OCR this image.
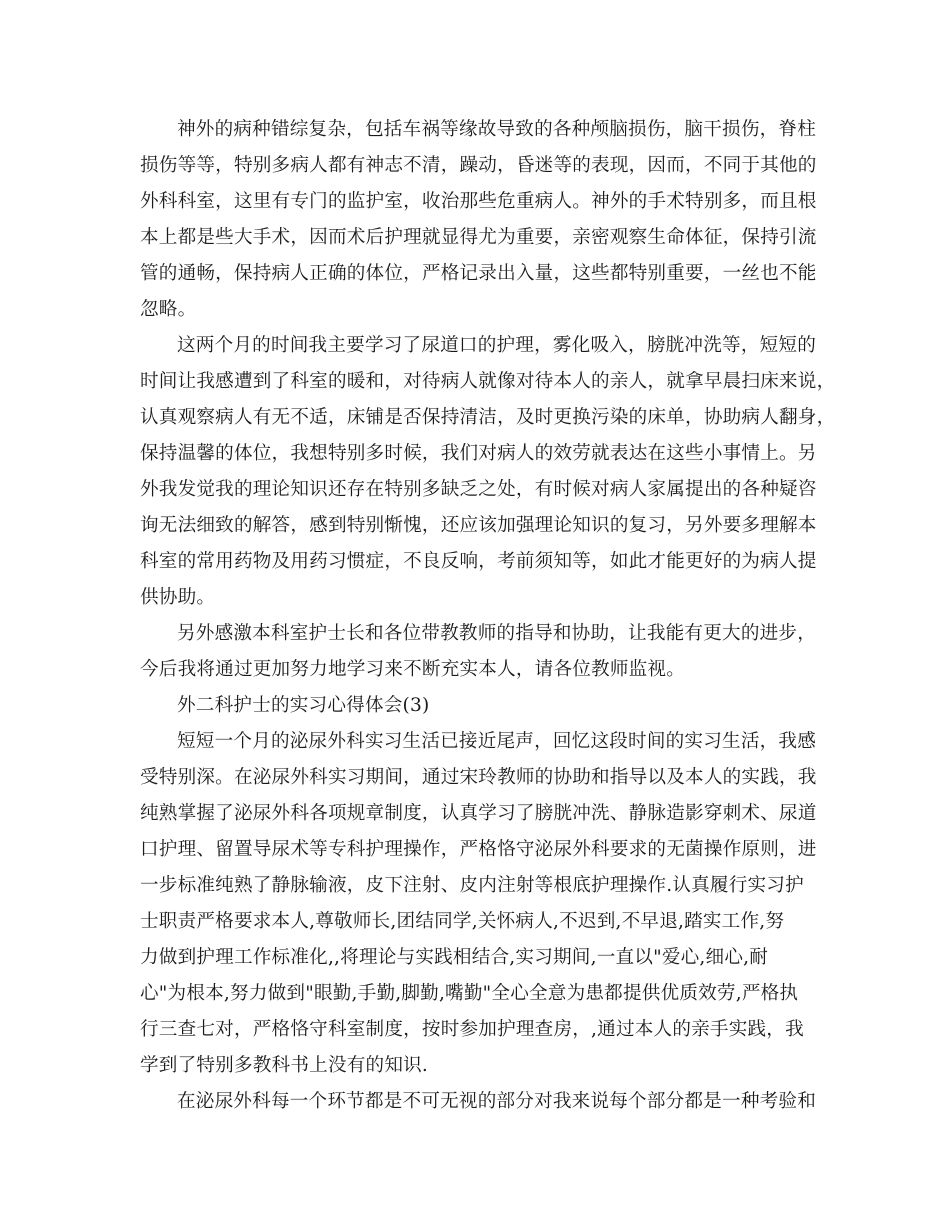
神外的病种错综复杂，包括车祸等缘故导致的各种颅脑损伤，脑干损伤，脊柱
损伤等等，特别多病人都有神志不清，躁动，昏迷等的表现，因而，不同于其他的
外科科室，这里有专门的监护室，收治那些危重病人。神外的手术特别多，而且根
本上都是些大手术，因而术后护理就显得尤为重要，亲密观察生命体征，保持引流
管的通畅，保持病人正确的体位，严格记录出入量，这些都特别重要，一丝也不能
忽略。
这两个月的时间我主要学习了尿道口的护理，雾化吸入，膀胱冲洗等，短短的
时间让我感遭到了科室的暖和，对待病人就像对待本人的亲人，就拿早晨扫床来说，
认真观察病人有无不适，床铺是否保持清洁，及时更换污染的床单，协助病人翻身，
保持温馨的体位，我想特别多时候，我们对病人的效劳就表达在这些小事情上。另
外我发觉我的理论知识还存在特别多缺乏之处，有时候对病人家属提出的各种疑咨
询无法细致的解答，感到特别惭愧，还应该加强理论知识的复习，另外要多理解本
科室的常用药物及用药习惯症，不良反响，考前须知等，如此才能更好的为病人提
供协助。
另外感激本科室护士长和各位带教教师的指导和协助，让我能有更大的进步，
今后我将通过更加努力地学习来不断充实本人，请各位教师监视。
外二科护士的实习心得体会(3)
短短一个月的泌尿外科实习生活已接近尾声，回忆这段时间的实习生活，我感
受特别深。在泌尿外科实习期间，通过宋玲教师的协助和指导以及本人的实践，我
纯熟掌握了泌尿外科各项规章制度，认真学习了膀胱冲洗、静脉造影穿刺术、尿道
口护理、留置导尿术等专科护理操作，严格恪守泌尿外科要求的无菌操作原则，进
一步标准纯熟了静脉输液，皮下注射、皮内注射等根底护理操作.认真履行实习护
士职责严格要求本人,尊敬师长,团结同学,关怀病人,不迟到,不早退,踏实工作,努
力做到护理工作标准化,,将理论与实践相结合,实习期间,一直以"爱心,细心,耐
心"为根本,努力做到"眼勤,手勤,脚勤,嘴勤"全心全意为患都提供优质效劳,严格执
行三查七对，严格恪守科室制度，按时参加护理查房，,通过本人的亲手实践，我
学到了特别多教科书上没有的知识.
在泌尿外科每一个环节都是不可无视的部分对我来说每个部分都是一种考验和
